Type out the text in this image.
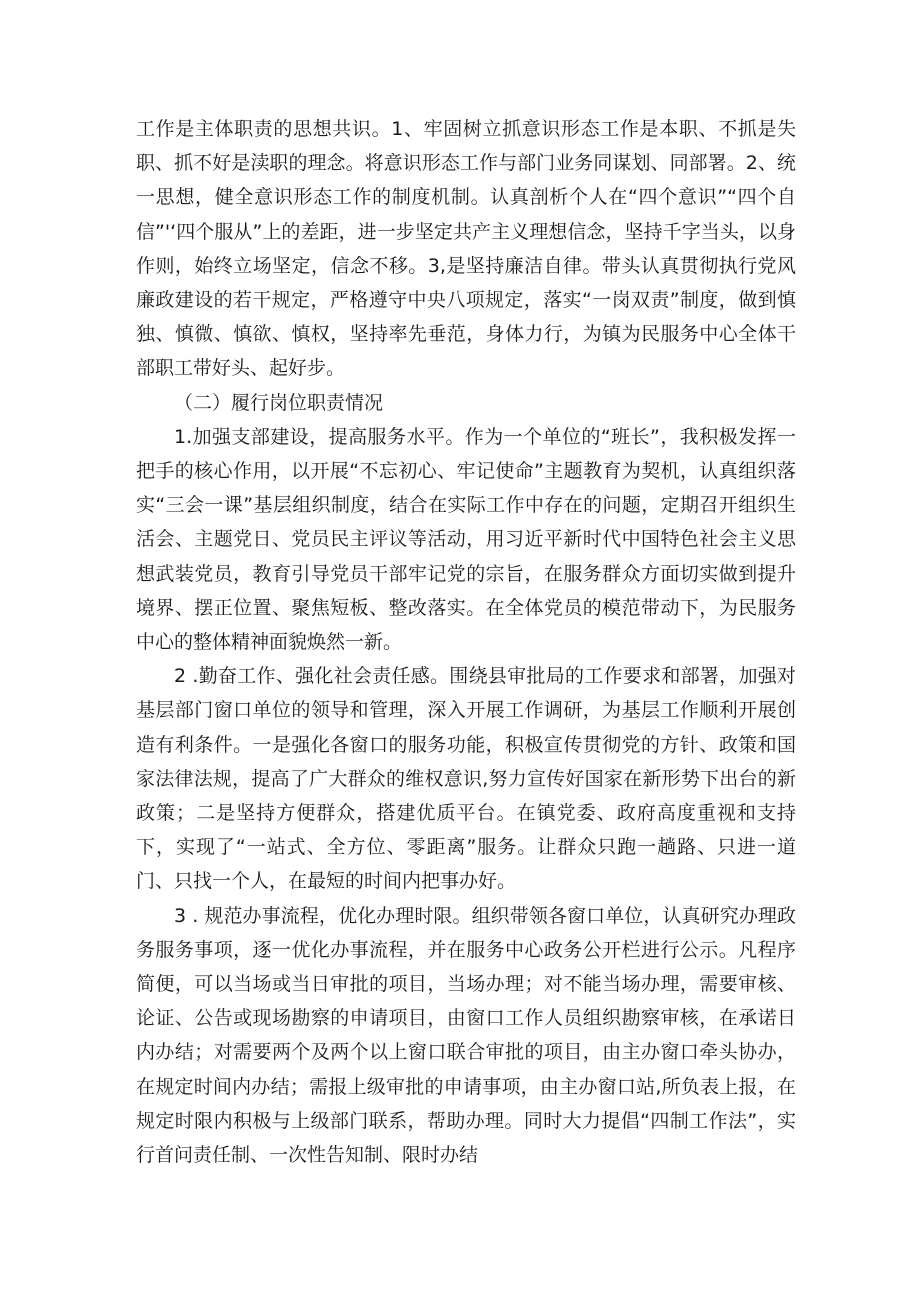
工作是主体职责的思想共识。1、牢固树立抓意识形态工作是本职、不抓是失职、抓不好是渎职的理念。将意识形态工作与部门业务同谋划、同部署。2、统一思想，健全意识形态工作的制度机制。认真剖析个人在“四个意识”“四个自信”'‘四个服从”上的差距，进一步坚定共产主义理想信念，坚持千字当头，以身作则，始终立场坚定，信念不移。3,是坚持廉洁自律。带头认真贯彻执行党风廉政建设的若干规定，严格遵守中央八项规定，落实“一岗双责”制度，做到慎独、慎微、慎欲、慎权，坚持率先垂范，身体力行，为镇为民服务中心全体干部职工带好头、起好步。

（二）履行岗位职责情况

1.加强支部建设，提高服务水平。作为一个单位的“班长”，我积极发挥一把手的核心作用，以开展“不忘初心、牢记使命”主题教育为契机，认真组织落实“三会一课”基层组织制度，结合在实际工作中存在的问题，定期召开组织生活会、主题党日、党员民主评议等活动，用习近平新时代中国特色社会主义思想武装党员，教育引导党员干部牢记党的宗旨，在服务群众方面切实做到提升境界、摆正位置、聚焦短板、整改落实。在全体党员的模范带动下，为民服务中心的整体精神面貌焕然一新。

2 .勤奋工作、强化社会责任感。围绕县审批局的工作要求和部署，加强对基层部门窗口单位的领导和管理，深入开展工作调研，为基层工作顺利开展创造有利条件。一是强化各窗口的服务功能，积极宣传贯彻党的方针、政策和国家法律法规，提高了广大群众的维权意识,努力宣传好国家在新形势下出台的新政策；二是坚持方便群众，搭建优质平台。在镇党委、政府高度重视和支持下，实现了“一站式、全方位、零距离”服务。让群众只跑一趟路、只进一道门、只找一个人，在最短的时间内把事办好。

3 . 规范办事流程，优化办理时限。组织带领各窗口单位，认真研究办理政务服务事项，逐一优化办事流程，并在服务中心政务公开栏进行公示。凡程序简便，可以当场或当日审批的项目，当场办理；对不能当场办理，需要审核、论证、公告或现场勘察的申请项目，由窗口工作人员组织勘察审核，在承诺日内办结；对需要两个及两个以上窗口联合审批的项目，由主办窗口牵头协办，在规定时间内办结；需报上级审批的申请事项，由主办窗口站,所负表上报，在规定时限内积极与上级部门联系，帮助办理。同时大力提倡“四制工作法”，实行首问责任制、一次性告知制、限时办结
